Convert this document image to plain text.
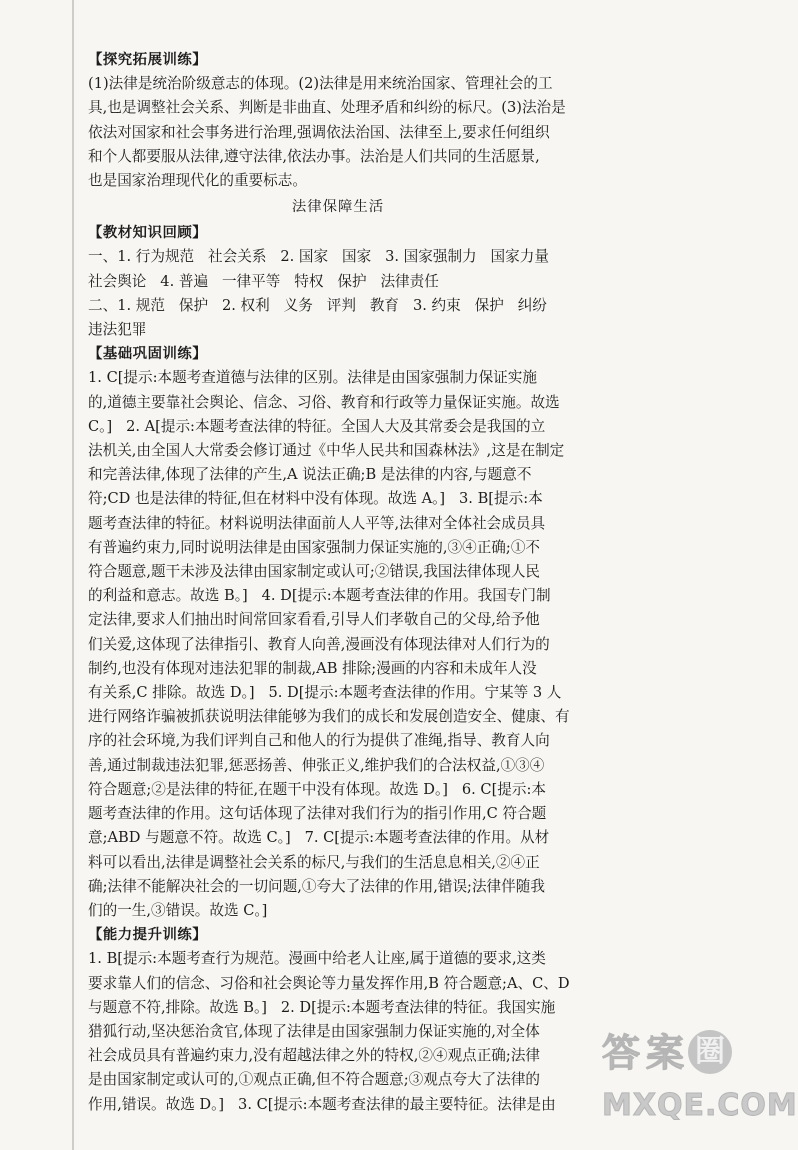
【探究拓展训练】
(1)法律是统治阶级意志的体现。(2)法律是用来统治国家、管理社会的工
具,也是调整社会关系、判断是非曲直、处理矛盾和纠纷的标尺。(3)法治是
依法对国家和社会事务进行治理,强调依法治国、法律至上,要求任何组织
和个人都要服从法律,遵守法律,依法办事。法治是人们共同的生活愿景,
也是国家治理现代化的重要标志。
法律保障生活
【教材知识回顾】
一、1. 行为规范   社会关系   2. 国家   国家   3. 国家强制力   国家力量
社会舆论   4. 普遍   一律平等   特权   保护   法律责任
二、1. 规范   保护   2. 权利   义务   评判   教育   3. 约束   保护   纠纷
违法犯罪
【基础巩固训练】
1. C[提示:本题考查道德与法律的区别。法律是由国家强制力保证实施
的,道德主要靠社会舆论、信念、习俗、教育和行政等力量保证实施。故选
C。]   2. A[提示:本题考查法律的特征。全国人大及其常委会是我国的立
法机关,由全国人大常委会修订通过《中华人民共和国森林法》,这是在制定
和完善法律,体现了法律的产生,A 说法正确;B 是法律的内容,与题意不
符;CD 也是法律的特征,但在材料中没有体现。故选 A。]   3. B[提示:本
题考查法律的特征。材料说明法律面前人人平等,法律对全体社会成员具
有普遍约束力,同时说明法律是由国家强制力保证实施的,③④正确;①不
符合题意,题干未涉及法律由国家制定或认可;②错误,我国法律体现人民
的利益和意志。故选 B。]   4. D[提示:本题考查法律的作用。我国专门制
定法律,要求人们抽出时间常回家看看,引导人们孝敬自己的父母,给予他
们关爱,这体现了法律指引、教育人向善,漫画没有体现法律对人们行为的
制约,也没有体现对违法犯罪的制裁,AB 排除;漫画的内容和未成年人没
有关系,C 排除。故选 D。]   5. D[提示:本题考查法律的作用。宁某等 3 人
进行网络诈骗被抓获说明法律能够为我们的成长和发展创造安全、健康、有
序的社会环境,为我们评判自己和他人的行为提供了准绳,指导、教育人向
善,通过制裁违法犯罪,惩恶扬善、伸张正义,维护我们的合法权益,①③④
符合题意;②是法律的特征,在题干中没有体现。故选 D。]   6. C[提示:本
题考查法律的作用。这句话体现了法律对我们行为的指引作用,C 符合题
意;ABD 与题意不符。故选 C。]   7. C[提示:本题考查法律的作用。从材
料可以看出,法律是调整社会关系的标尺,与我们的生活息息相关,②④正
确;法律不能解决社会的一切问题,①夸大了法律的作用,错误;法律伴随我
们的一生,③错误。故选 C。]
【能力提升训练】
1. B[提示:本题考查行为规范。漫画中给老人让座,属于道德的要求,这类
要求靠人们的信念、习俗和社会舆论等力量发挥作用,B 符合题意;A、C、D
与题意不符,排除。故选 B。]   2. D[提示:本题考查法律的特征。我国实施
猎狐行动,坚决惩治贪官,体现了法律是由国家强制力保证实施的,对全体
社会成员具有普遍约束力,没有超越法律之外的特权,②④观点正确;法律
是由国家制定或认可的,①观点正确,但不符合题意;③观点夸大了法律的
作用,错误。故选 D。]   3. C[提示:本题考查法律的最主要特征。法律是由
答 案 圈
MXQE.COM
